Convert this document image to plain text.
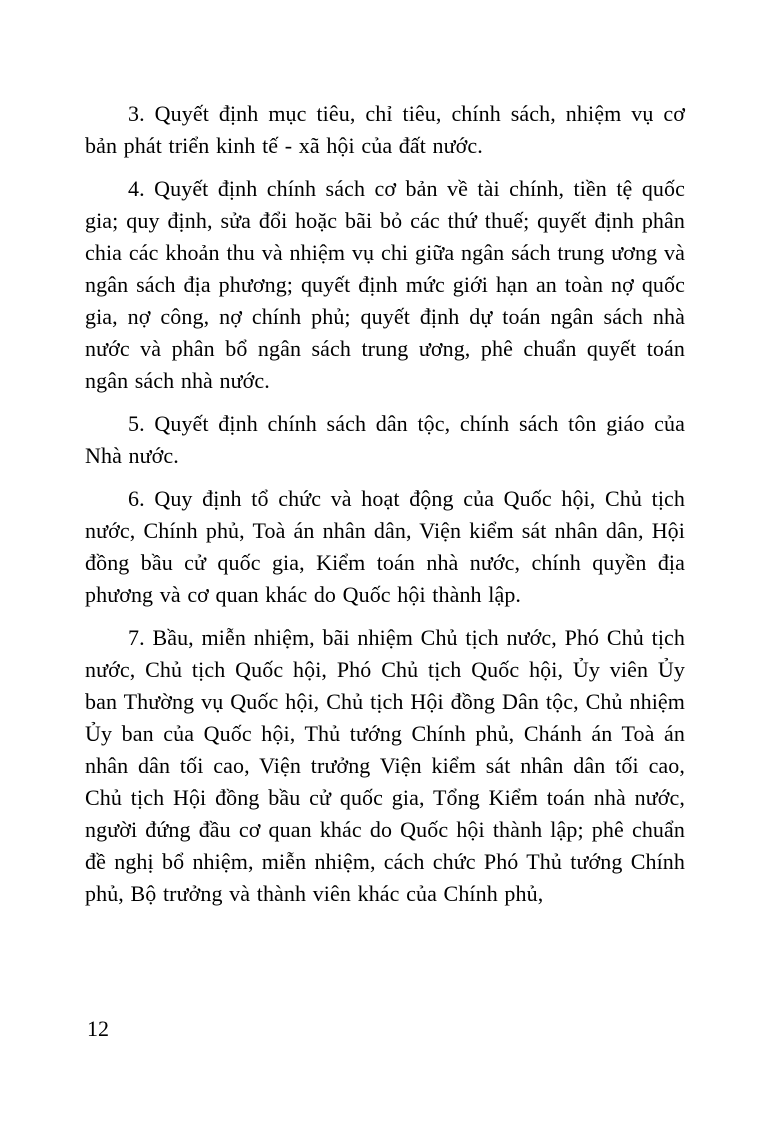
3. Quyết định mục tiêu, chỉ tiêu, chính sách, nhiệm vụ cơ bản phát triển kinh tế - xã hội của đất nước.

4. Quyết định chính sách cơ bản về tài chính, tiền tệ quốc gia; quy định, sửa đổi hoặc bãi bỏ các thứ thuế; quyết định phân chia các khoản thu và nhiệm vụ chi giữa ngân sách trung ương và ngân sách địa phương; quyết định mức giới hạn an toàn nợ quốc gia, nợ công, nợ chính phủ; quyết định dự toán ngân sách nhà nước và phân bổ ngân sách trung ương, phê chuẩn quyết toán ngân sách nhà nước.

5. Quyết định chính sách dân tộc, chính sách tôn giáo của Nhà nước.

6. Quy định tổ chức và hoạt động của Quốc hội, Chủ tịch nước, Chính phủ, Toà án nhân dân, Viện kiểm sát nhân dân, Hội đồng bầu cử quốc gia, Kiểm toán nhà nước, chính quyền địa phương và cơ quan khác do Quốc hội thành lập.

7. Bầu, miễn nhiệm, bãi nhiệm Chủ tịch nước, Phó Chủ tịch nước, Chủ tịch Quốc hội, Phó Chủ tịch Quốc hội, Ủy viên Ủy ban Thường vụ Quốc hội, Chủ tịch Hội đồng Dân tộc, Chủ nhiệm Ủy ban của Quốc hội, Thủ tướng Chính phủ, Chánh án Toà án nhân dân tối cao, Viện trưởng Viện kiểm sát nhân dân tối cao, Chủ tịch Hội đồng bầu cử quốc gia, Tổng Kiểm toán nhà nước, người đứng đầu cơ quan khác do Quốc hội thành lập; phê chuẩn đề nghị bổ nhiệm, miễn nhiệm, cách chức Phó Thủ tướng Chính phủ, Bộ trưởng và thành viên khác của Chính phủ,

12
